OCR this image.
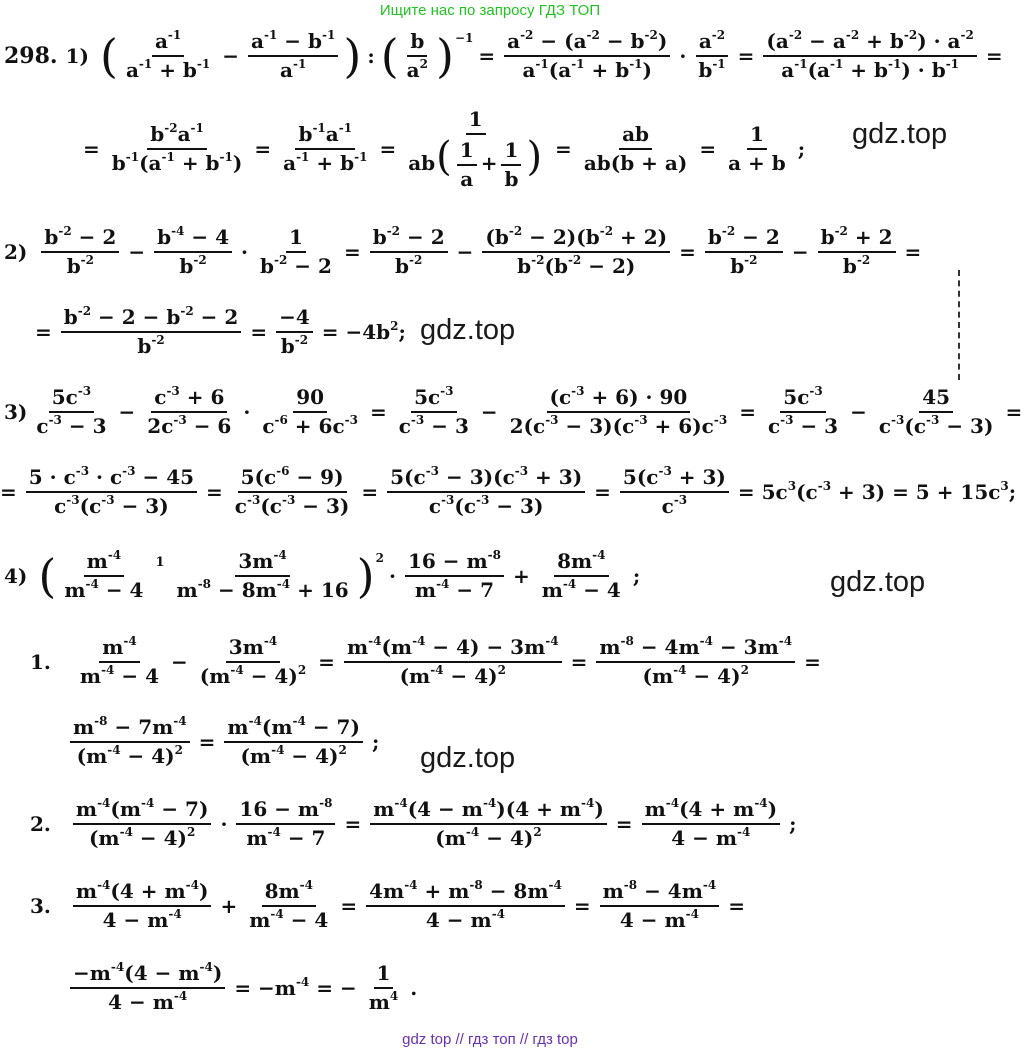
Ищите нас по запросу ГДЗ ТОП
298. 1) ( $\frac{a^{-1}}{a^{-1} + b^{-1}} - \frac{a^{-1} - b^{-1}}{a^{-1}}$ ) : ( $\frac{b}{a^2}$ ) −1
= $\frac{a^{-2} - (a^{-2} - b^{-2})}{a^{-1}(a^{-1} + b^{-1})} \cdot \frac{a^{-2}}{b^{-1}} = \frac{(a^{-2} - a^{-2} + b^{-2}) \cdot a^{-2}}{a^{-1}(a^{-1} + b^{-1}) \cdot b^{-1}}$ =
= $\frac{b^{-2}a^{-1}}{b^{-1}(a^{-1} + b^{-1})} = \frac{b^{-1}a^{-1}}{a^{-1} + b^{-1}} = \frac{1}{ab( \frac{1}{a} + \frac{1}{b} )} = \frac{ab}{ab(b + a)} = \frac{1}{a + b}$ ; gdz.top
$2) \frac{b^{-2} - 2}{b^{-2}} - \frac{b^{-4} - 4}{b^{-2}} \cdot \frac{1}{b^{-2} - 2} = \frac{b^{-2} - 2}{b^{-2}} - \frac{(b^{-2} - 2)(b^{-2} + 2)}{b^{-2}(b^{-2} - 2)} = \frac{b^{-2} - 2}{b^{-2}} - \frac{b^{-2} + 2}{b^{-2}}$ =
= $\frac{b^{-2} - 2 - b^{-2} - 2}{b^{-2}} = \frac{-4}{b^{-2}} = -4b^2$; gdz.top
$3) \frac{5c^{-3}}{c^{-3} - 3} - \frac{c^{-3} + 6}{2c^{-3} - 6} \cdot \frac{90}{c^{-6} + 6c^{-3}} = \frac{5c^{-3}}{c^{-3} - 3} - \frac{(c^{-3} + 6) \cdot 90}{2(c^{-3} - 3)(c^{-3} + 6)c^{-3}} = \frac{5c^{-3}}{c^{-3} - 3} - \frac{45}{c^{-3}(c^{-3} - 3)}$ =
= $\frac{5 \cdot c^{-3} \cdot c^{-3} - 45}{c^{-3}(c^{-3} - 3)} = \frac{5(c^{-6} - 9)}{c^{-3}(c^{-3} - 3)} = \frac{5(c^{-3} - 3)(c^{-3} + 3)}{c^{-3}(c^{-3} - 3)} = \frac{5(c^{-3} + 3)}{c^{-3}} = 5c^3(c^{-3} + 3) = 5 + 15c^3$;
4) ( $\frac{m^{-4}}{m^{-4} - 4} 1 \frac{3m^{-4}}{m^{-8} - 8m^{-4} + 16}$ ) 2
· $\frac{16 - m^{-8}}{m^{-4} - 7} + \frac{8m^{-4}}{m^{-4} - 4}$ ;	gdz.top
1. $\frac{m^{-4}}{m^{-4} - 4} - \frac{3m^{-4}}{(m^{-4} - 4)^2} = \frac{m^{-4}(m^{-4} - 4) - 3m^{-4}}{(m^{-4} - 4)^2} = \frac{m^{-8} - 4m^{-4} - 3m^{-4}}{(m^{-4} - 4)^2}$ =
$\frac{m^{-8} - 7m^{-4}}{(m^{-4} - 4)^2} = \frac{m^{-4}(m^{-4} - 7)}{(m^{-4} - 4)^2}$ ; gdz.top
2. $\frac{m^{-4}(m^{-4} - 7)}{(m^{-4} - 4)^2} \cdot \frac{16 - m^{-8}}{m^{-4} - 7} = \frac{m^{-4}(4 - m^{-4})(4 + m^{-4})}{(m^{-4} - 4)^2} = \frac{m^{-4}(4 + m^{-4})}{4 - m^{-4}}$ ;
3. $\frac{m^{-4}(4 + m^{-4})}{4 - m^{-4}} + \frac{8m^{-4}}{m^{-4} - 4} = \frac{4m^{-4} + m^{-8} - 8m^{-4}}{4 - m^{-4}} = \frac{m^{-8} - 4m^{-4}}{4 - m^{-4}}$ =
$\frac{-m^{-4}(4 - m^{-4})}{4 - m^{-4}} = -m^{-4}$ = − $\frac{1}{m^4}$ .
gdz top // гдз топ // гдз top
